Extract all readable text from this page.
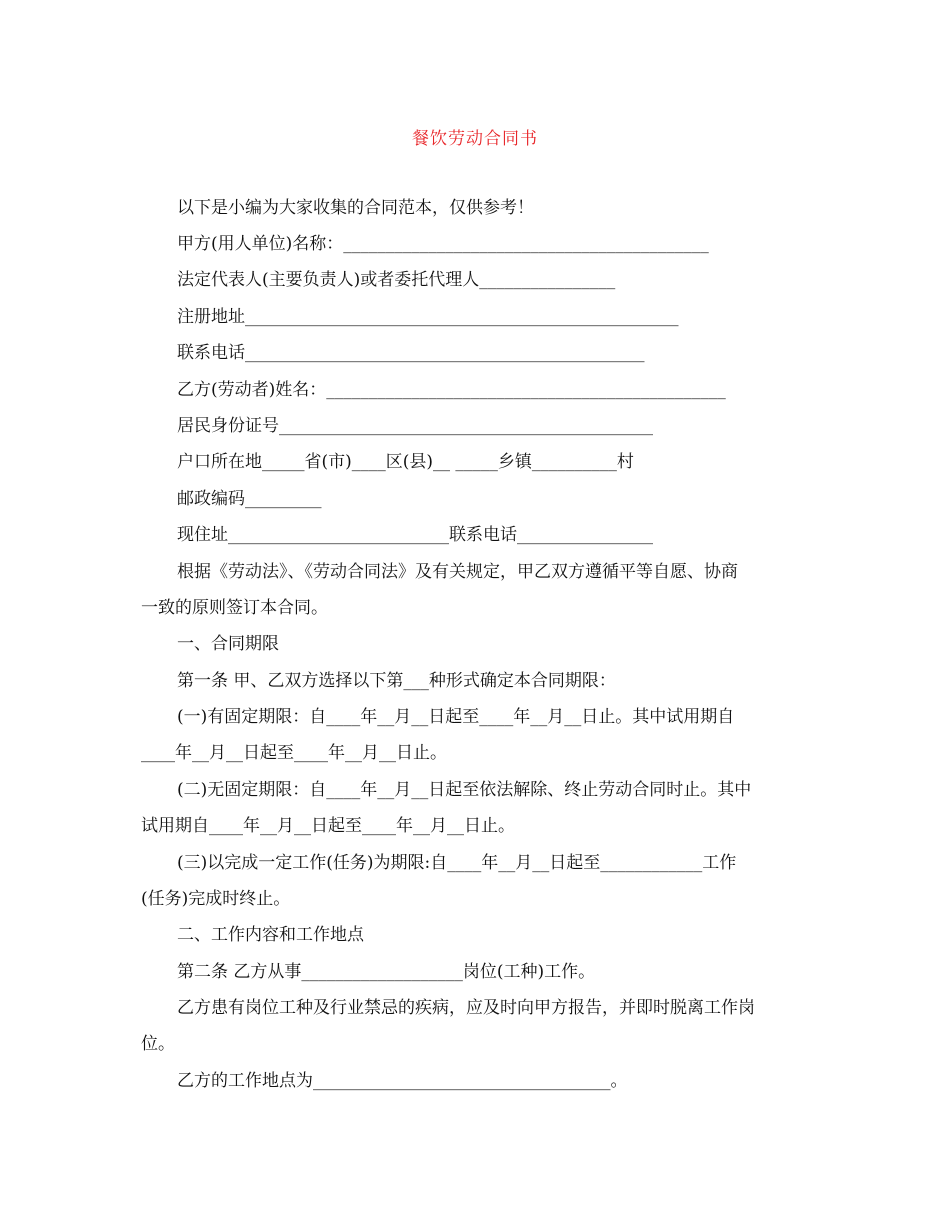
餐饮劳动合同书
以下是小编为大家收集的合同范本，仅供参考！
甲方(用人单位)名称：___________________________________________
法定代表人(主要负责人)或者委托代理人________________
注册地址___________________________________________________
联系电话_______________________________________________
乙方(劳动者)姓名：_______________________________________________
居民身份证号____________________________________________
户口所在地_____省(市)____区(县)__ _____乡镇__________村
邮政编码_________
现住址__________________________联系电话________________
根据《劳动法》、《劳动合同法》及有关规定，甲乙双方遵循平等自愿、协商
一致的原则签订本合同。
一、合同期限
第一条 甲、乙双方选择以下第___种形式确定本合同期限：
(一)有固定期限：自____年__月__日起至____年__月__日止。其中试用期自
____年__月__日起至____年__月__日止。
(二)无固定期限：自____年__月__日起至依法解除、终止劳动合同时止。其中
试用期自____年__月__日起至____年__月__日止。
(三)以完成一定工作(任务)为期限:自____年__月__日起至____________工作
(任务)完成时终止。
二、工作内容和工作地点
第二条 乙方从事___________________岗位(工种)工作。
乙方患有岗位工种及行业禁忌的疾病，应及时向甲方报告，并即时脱离工作岗
位。
乙方的工作地点为___________________________________。
